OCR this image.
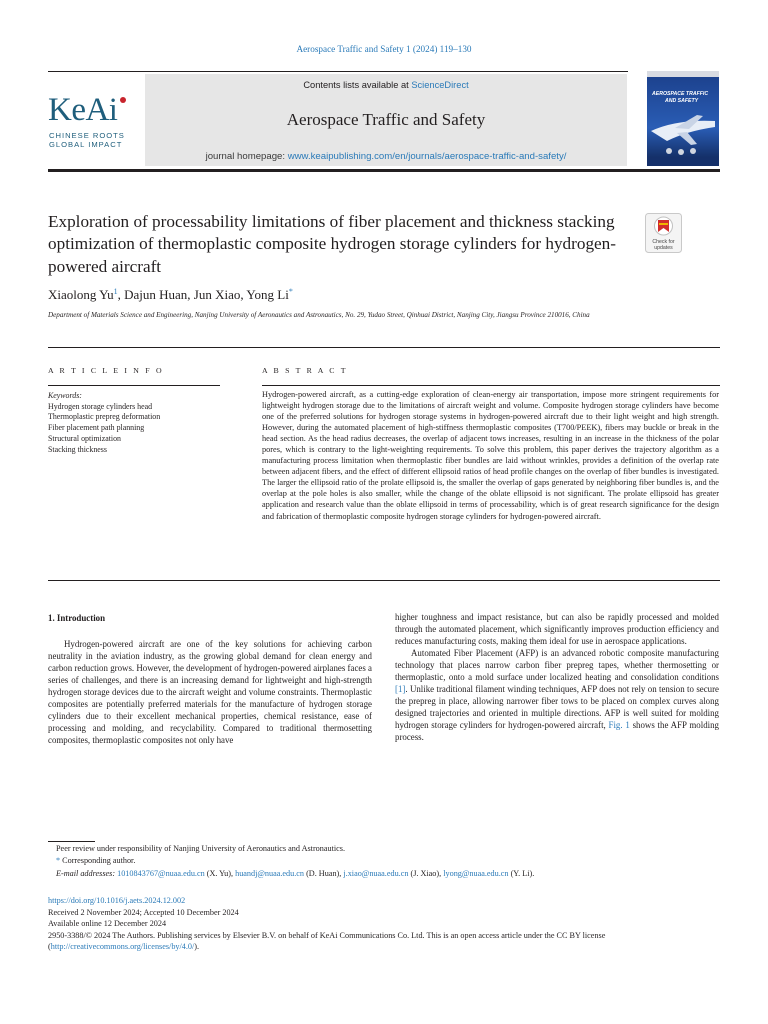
Aerospace Traffic and Safety 1 (2024) 119–130
KeAi
CHINESE ROOTS
GLOBAL IMPACT
Contents lists available at ScienceDirect
Aerospace Traffic and Safety
journal homepage: www.keaipublishing.com/en/journals/aerospace-traffic-and-safety/
AEROSPACE TRAFFIC
AND SAFETY
Exploration of processability limitations of fiber placement and thickness stacking optimization of thermoplastic composite hydrogen storage cylinders for hydrogen-powered aircraft
Check for
updates
Xiaolong Yu$^1$, Dajun Huan, Jun Xiao, Yong Li*
Department of Materials Science and Engineering, Nanjing University of Aeronautics and Astronautics, No. 29, Yudao Street, Qinhuai District, Nanjing City, Jiangsu Province 210016, China
A R T I C L E I N F O
Keywords:
Hydrogen storage cylinders head
Thermoplastic prepreg deformation
Fiber placement path planning
Structural optimization
Stacking thickness
A B S T R A C T
Hydrogen-powered aircraft, as a cutting-edge exploration of clean-energy air transportation, impose more stringent requirements for lightweight hydrogen storage due to the limitations of aircraft weight and volume. Composite hydrogen storage cylinders have become one of the preferred solutions for hydrogen storage systems in hydrogen-powered aircraft due to their light weight and high strength. However, during the automated placement of high-stiffness thermoplastic composites (T700/PEEK), fibers may buckle or break in the head section. As the head radius decreases, the overlap of adjacent tows increases, resulting in an increase in the thickness of the polar pores, which is contrary to the light-weighting requirements. To solve this problem, this paper derives the trajectory algorithm as a manufacturing process limitation when thermoplastic fiber bundles are laid without wrinkles, provides a definition of the overlap rate between adjacent fibers, and the effect of different ellipsoid ratios of head profile changes on the overlap of fiber bundles is investigated. The larger the ellipsoid ratio of the prolate ellipsoid is, the smaller the overlap of gaps generated by neighboring fiber bundles is, and the overlap at the pole holes is also smaller, while the change of the oblate ellipsoid is not significant. The prolate ellipsoid has greater application and research value than the oblate ellipsoid in terms of processability, which is of great research significance for the design and fabrication of thermoplastic composite hydrogen storage cylinders for hydrogen-powered aircraft.
1. Introduction

Hydrogen-powered aircraft are one of the key solutions for achieving carbon neutrality in the aviation industry, as the growing global demand for clean energy and carbon reduction grows. However, the development of hydrogen-powered airplanes faces a series of challenges, and there is an increasing demand for lightweight and high-strength hydrogen storage devices due to the aircraft weight and volume constraints. Thermoplastic composites are potentially preferred materials for the manufacture of hydrogen storage cylinders due to their excellent mechanical properties, chemical resistance, ease of processing and molding, and recyclability. Compared to traditional thermosetting composites, thermoplastic composites not only have

higher toughness and impact resistance, but can also be rapidly processed and molded through the automated placement, which significantly improves production efficiency and reduces manufacturing costs, making them ideal for use in aerospace applications.

Automated Fiber Placement (AFP) is an advanced robotic composite manufacturing technology that places narrow carbon fiber prepreg tapes, whether thermosetting or thermoplastic, onto a mold surface under localized heating and consolidation conditions [1]. Unlike traditional filament winding techniques, AFP does not rely on tension to secure the prepreg in place, allowing narrower fiber tows to be placed on complex curves along designed trajectories and oriented in multiple directions. AFP is well suited for molding hydrogen storage cylinders for hydrogen-powered aircraft, Fig. 1 shows the AFP molding process.

Peer review under responsibility of Nanjing University of Aeronautics and Astronautics.
* Corresponding author.
E-mail addresses: 1010843767@nuaa.edu.cn (X. Yu), huandj@nuaa.edu.cn (D. Huan), j.xiao@nuaa.edu.cn (J. Xiao), lyong@nuaa.edu.cn (Y. Li).
https://doi.org/10.1016/j.aets.2024.12.002
Received 2 November 2024; Accepted 10 December 2024
Available online 12 December 2024
2950-3388/© 2024 The Authors. Publishing services by Elsevier B.V. on behalf of KeAi Communications Co. Ltd. This is an open access article under the CC BY license (http://creativecommons.org/licenses/by/4.0/).
